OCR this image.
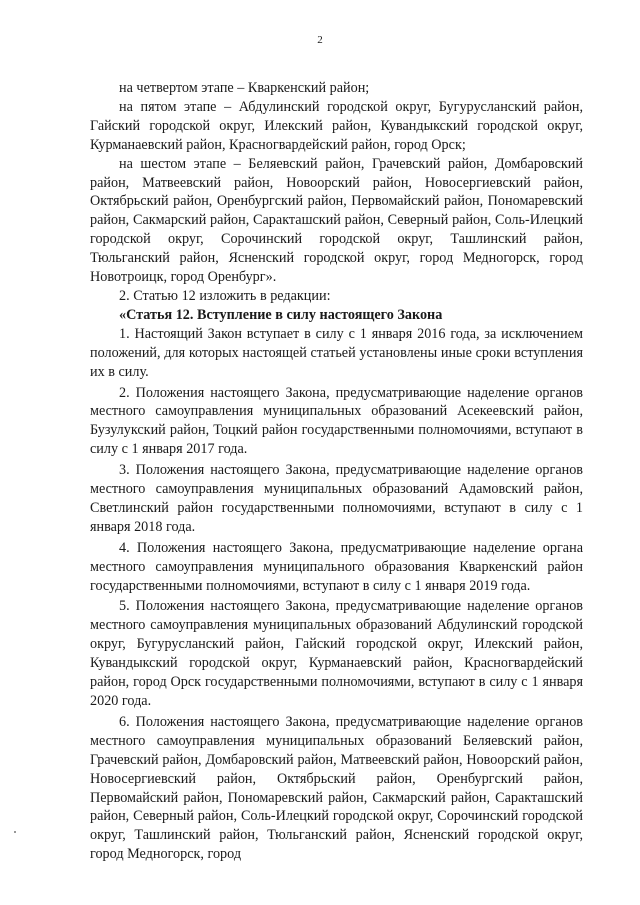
2

на четвертом этапе – Кваркенский район;

на пятом этапе – Абдулинский городской округ, Бугурусланский район, Гайский городской округ, Илекский район, Кувандыкский городской округ, Курманаевский район, Красногвардейский район, город Орск;

на шестом этапе – Беляевский район, Грачевский район, Домбаровский район, Матвеевский район, Новоорский район, Новосергиевский район, Октябрьский район, Оренбургский район, Первомайский район, Пономаревский район, Сакмарский район, Саракташский район, Северный район, Соль-Илецкий городской округ, Сорочинский городской округ, Ташлинский район, Тюльганский район, Ясненский городской округ, город Медногорск, город Новотроицк, город Оренбург».

2. Статью 12 изложить в редакции:

«Статья 12. Вступление в силу настоящего Закона

1. Настоящий Закон вступает в силу с 1 января 2016 года, за исключением положений, для которых настоящей статьей установлены иные сроки вступления их в силу.

2. Положения настоящего Закона, предусматривающие наделение органов местного самоуправления муниципальных образований Асекеевский район, Бузулукский район, Тоцкий район государственными полномочиями, вступают в силу с 1 января 2017 года.

3. Положения настоящего Закона, предусматривающие наделение органов местного самоуправления муниципальных образований Адамовский район, Светлинский район государственными полномочиями, вступают в силу с 1 января 2018 года.

4. Положения настоящего Закона, предусматривающие наделение органа местного самоуправления муниципального образования Кваркенский район государственными полномочиями, вступают в силу с 1 января 2019 года.

5. Положения настоящего Закона, предусматривающие наделение органов местного самоуправления муниципальных образований Абдулинский городской округ, Бугурусланский район, Гайский городской округ, Илекский район, Кувандыкский городской округ, Курманаевский район, Красногвардейский район, город Орск государственными полномочиями, вступают в силу с 1 января 2020 года.

6. Положения настоящего Закона, предусматривающие наделение органов местного самоуправления муниципальных образований Беляевский район, Грачевский район, Домбаровский район, Матвеевский район, Новоорский район, Новосергиевский район, Октябрьский район, Оренбургский район, Первомайский район, Пономаревский район, Сакмарский район, Саракташский район, Северный район, Соль-Илецкий городской округ, Сорочинский городской округ, Ташлинский район, Тюльганский район, Ясненский городской округ, город Медногорск, город
